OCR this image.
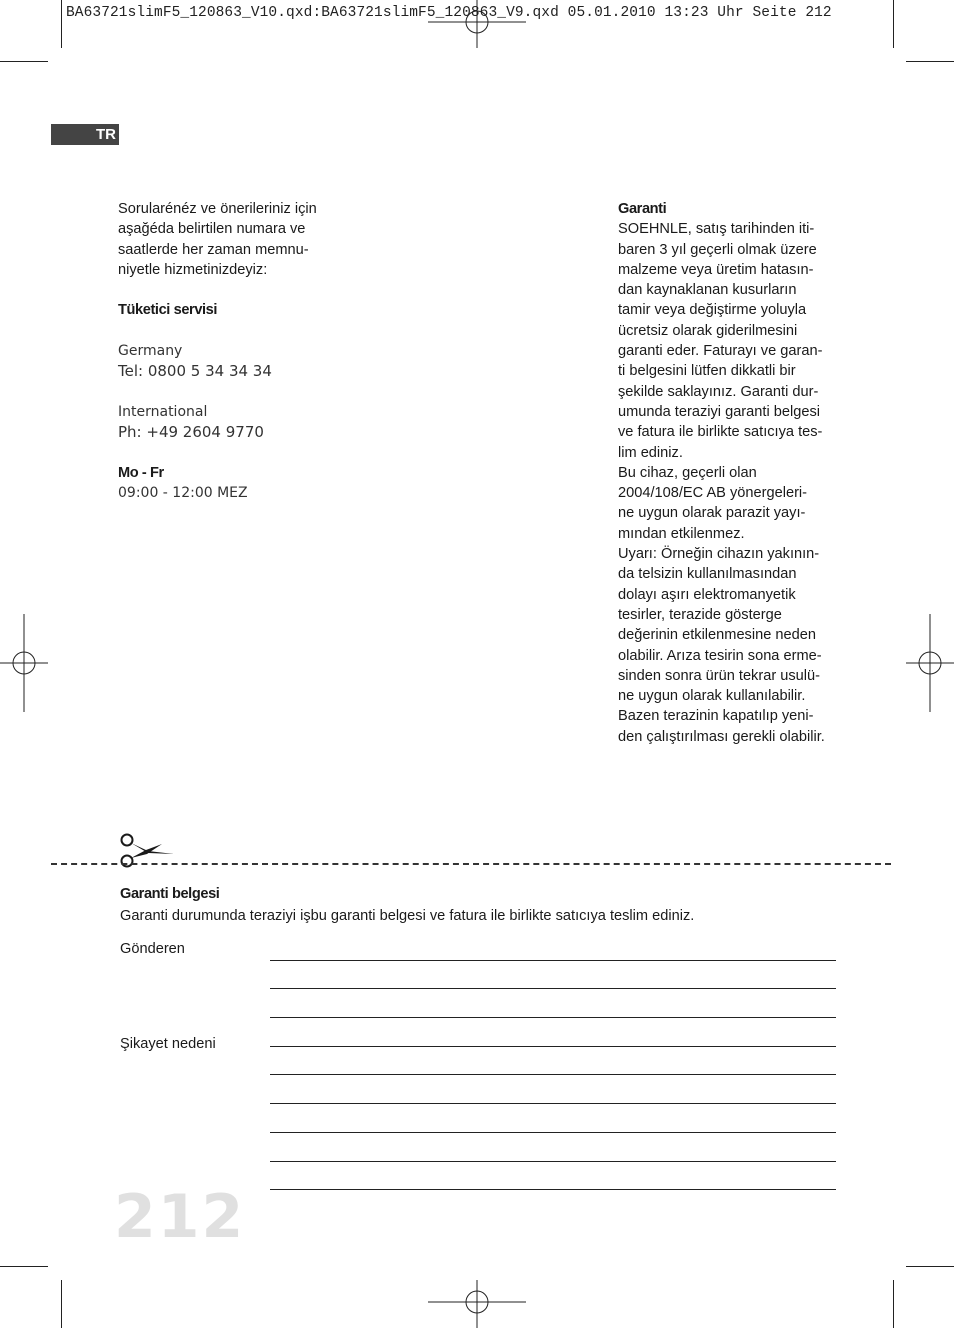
BA63721slimF5_120863_V10.qxd:BA63721slimF5_120863_V9.qxd 05.01.2010 13:23 Uhr Seite 212
TR

Sorularénéz ve önerileriniz için

aşağéda belirtilen numara ve

saatlerde her zaman memnu-

niyetle hizmetinizdeyiz:

Tüketici servisi

Germany

Tel: 0800 5 34 34 34

International

Ph: +49 2604 9770

Mo - Fr

09:00 - 12:00 MEZ

Garanti

SOEHNLE, satış tarihinden iti-

baren 3 yıl geçerli olmak üzere

malzeme veya üretim hatasın-

dan kaynaklanan kusurların

tamir veya değiştirme yoluyla

ücretsiz olarak giderilmesini

garanti eder. Faturayı ve garan-

ti belgesini lütfen dikkatli bir

şekilde saklayınız. Garanti dur-

umunda teraziyi garanti belgesi

ve fatura ile birlikte satıcıya tes-

lim ediniz.

Bu cihaz, geçerli olan

2004/108/EC AB yönergeleri-

ne uygun olarak parazit yayı-

mından etkilenmez.

Uyarı: Örneğin cihazın yakının-

da telsizin kullanılmasından

dolayı aşırı elektromanyetik

tesirler, terazide gösterge

değerinin etkilenmesine neden

olabilir. Arıza tesirin sona erme-

sinden sonra ürün tekrar usulü-

ne uygun olarak kullanılabilir.

Bazen terazinin kapatılıp yeni-

den çalıştırılması gerekli olabilir.

Garanti belgesi
Garanti durumunda teraziyi işbu garanti belgesi ve fatura ile birlikte satıcıya teslim ediniz.
Gönderen
Şikayet nedeni
212
